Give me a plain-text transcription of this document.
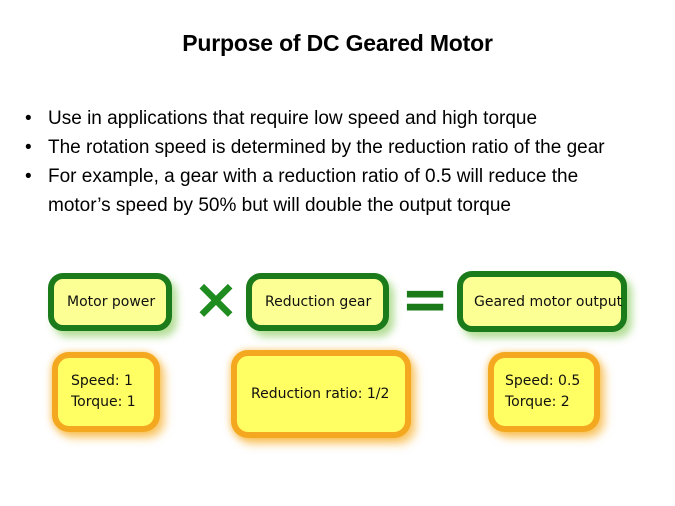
Purpose of DC Geared Motor
• Use in applications that require low speed and high torque
• The rotation speed is determined by the reduction ratio of the gear
• For example, a gear with a reduction ratio of 0.5 will reduce the
motor’s speed by 50% but will double the output torque
Motor power × Reduction gear = Geared motor output
Speed: 1
Torque: 1
Reduction ratio: 1/2
Speed: 0.5
Torque: 2
